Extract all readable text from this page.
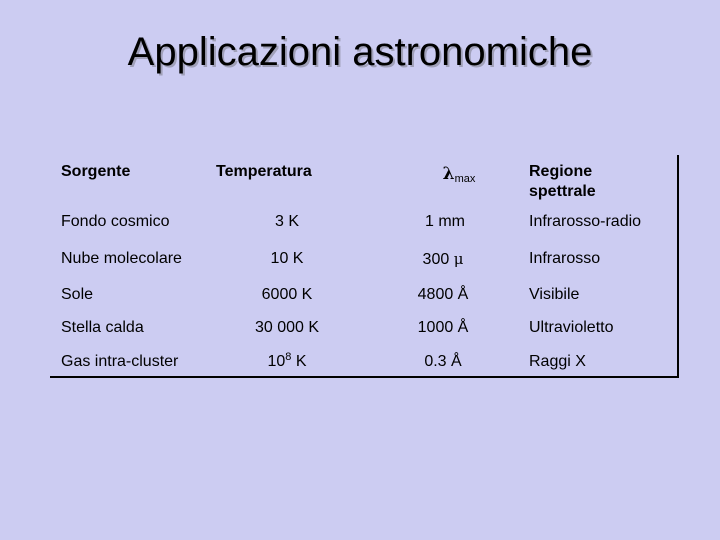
Applicazioni astronomiche
Sorgente	Temperatura	$\lambda_{max}$	Regione
spettrale
Fondo cosmico	3 K	1 mm	Infrarosso-radio
Nube molecolare	10 K	300 μ	Infrarosso
Sole	6000 K	4800 Å	Visibile
Stella calda	30 000 K	1000 Å	Ultravioletto
Gas intra-cluster	$10^8$ K	0.3 Å	Raggi X
